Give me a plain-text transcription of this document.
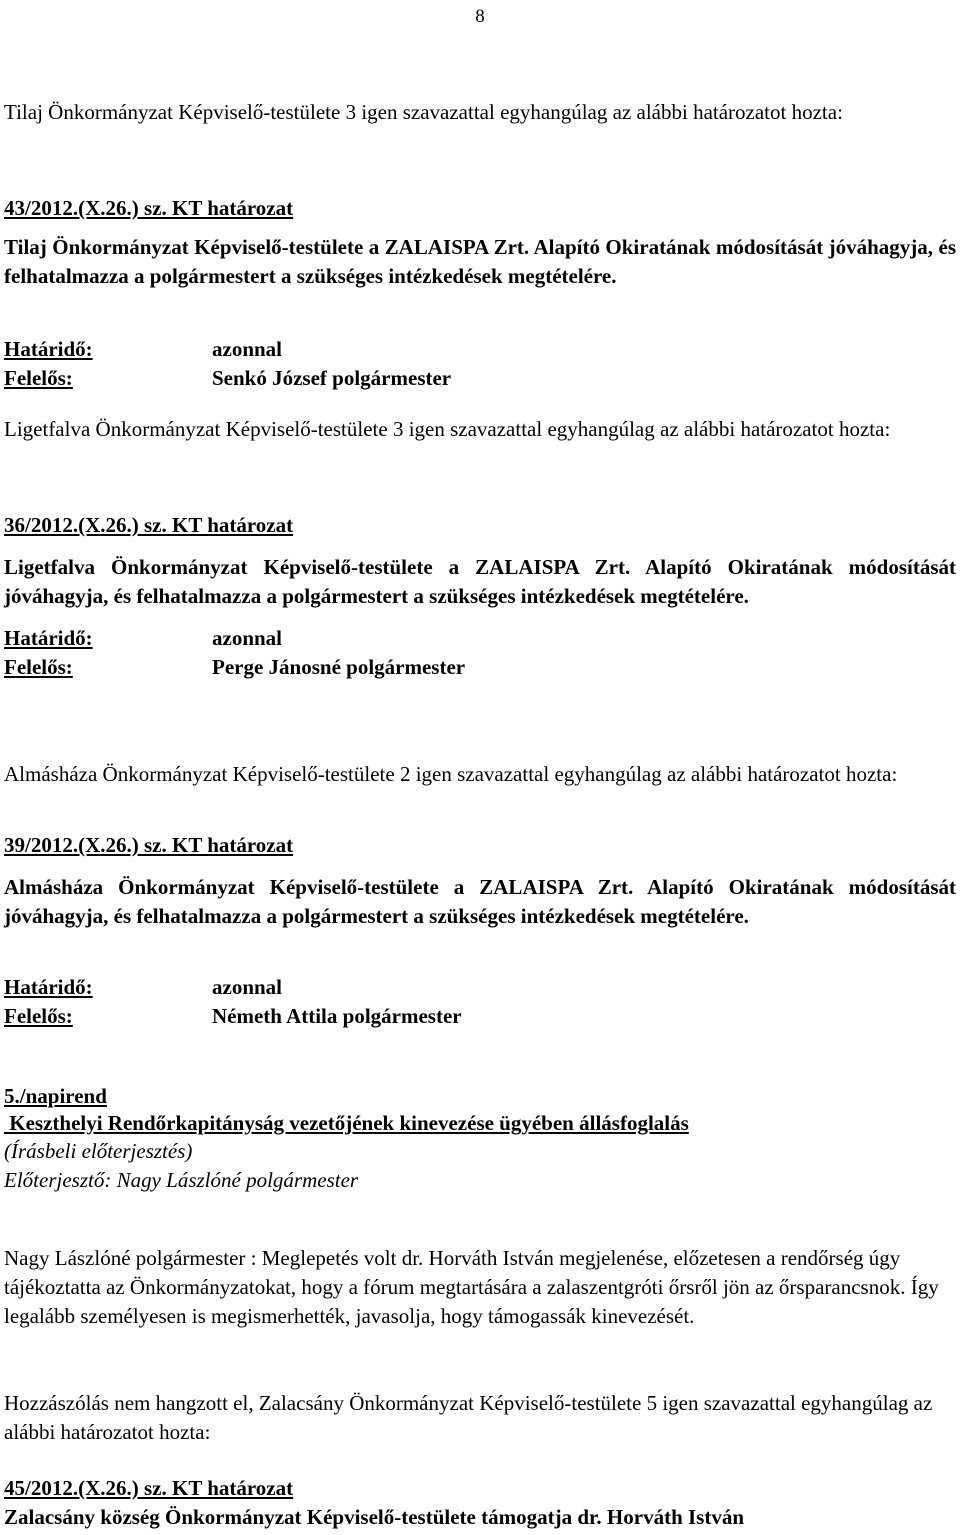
8

Tilaj Önkormányzat Képviselő-testülete 3 igen szavazattal egyhangúlag az alábbi határozatot hozta:

43/2012.(X.26.) sz. KT határozat

Tilaj Önkormányzat Képviselő-testülete a ZALAISPA Zrt. Alapító Okiratának módosítását jóváhagyja, és felhatalmazza a polgármestert a szükséges intézkedések megtételére.

Határidő:	azonnal
Felelős:	Senkó József polgármester

Ligetfalva Önkormányzat Képviselő-testülete 3 igen szavazattal egyhangúlag az alábbi határozatot hozta:

36/2012.(X.26.) sz. KT határozat

Ligetfalva Önkormányzat Képviselő-testülete a ZALAISPA Zrt. Alapító Okiratának módosítását jóváhagyja, és felhatalmazza a polgármestert a szükséges intézkedések megtételére.

Határidő:	azonnal
Felelős:	Perge Jánosné polgármester

Almásháza Önkormányzat Képviselő-testülete 2 igen szavazattal egyhangúlag az alábbi határozatot hozta:

39/2012.(X.26.) sz. KT határozat

Almásháza Önkormányzat Képviselő-testülete a ZALAISPA Zrt. Alapító Okiratának módosítását jóváhagyja, és felhatalmazza a polgármestert a szükséges intézkedések megtételére.

Határidő:	azonnal
Felelős:	Németh Attila polgármester

5./napirend

Keszthelyi Rendőrkapitányság vezetőjének kinevezése ügyében állásfoglalás

(Írásbeli előterjesztés)

Előterjesztő: Nagy Lászlóné polgármester

Nagy Lászlóné polgármester : Meglepetés volt dr. Horváth István megjelenése, előzetesen a rendőrség úgy tájékoztatta az Önkormányzatokat, hogy a fórum megtartására a zalaszentgróti őrsről jön az őrsparancsnok. Így legalább személyesen is megismerhették, javasolja, hogy támogassák kinevezését.

Hozzászólás nem hangzott el, Zalacsány Önkormányzat Képviselő-testülete 5 igen szavazattal egyhangúlag az alábbi határozatot hozta:

45/2012.(X.26.) sz. KT határozat

Zalacsány község Önkormányzat Képviselő-testülete támogatja dr. Horváth István
